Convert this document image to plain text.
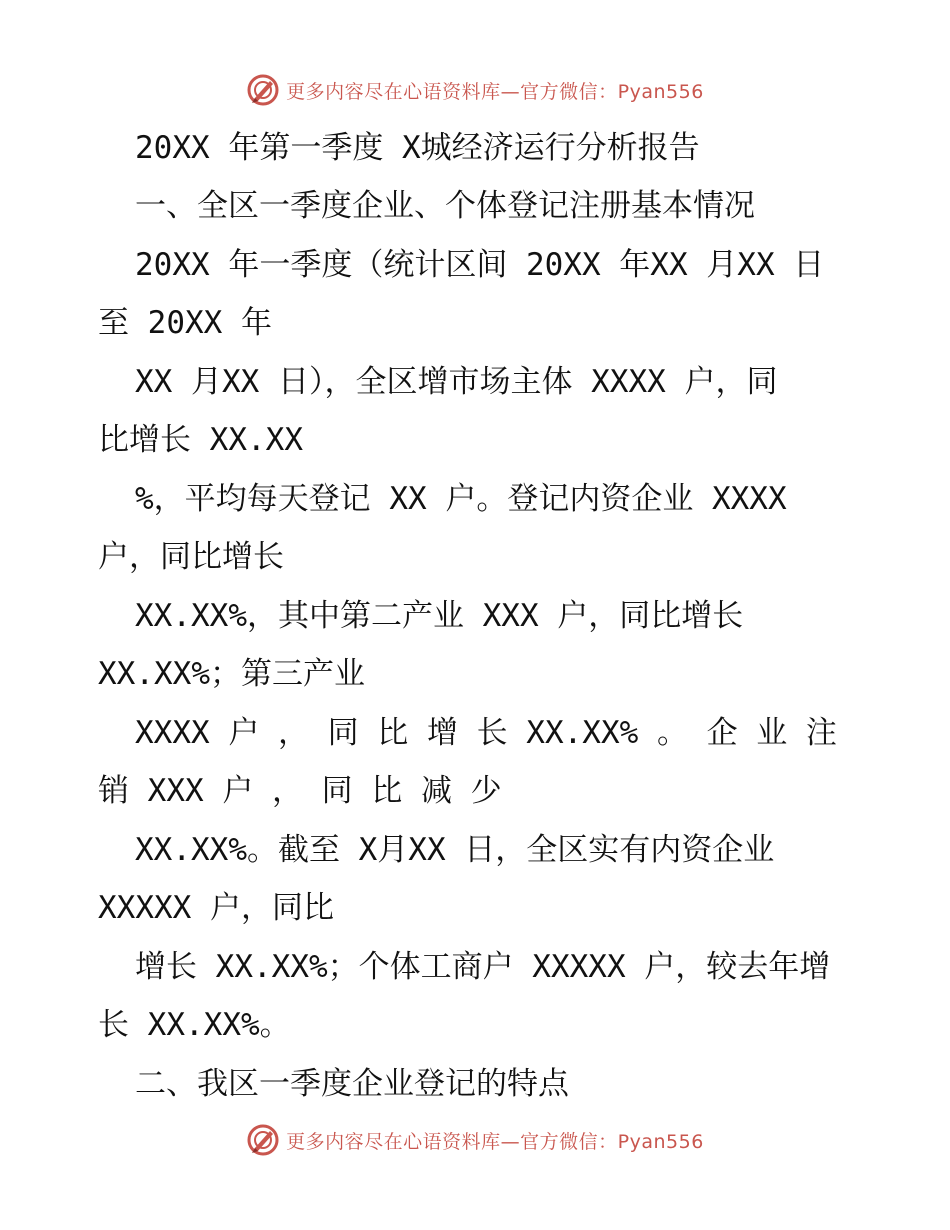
更多内容尽在心语资料库—官方微信：Pyan556
20XX 年第一季度 X城经济运行分析报告
一、全区一季度企业、个体登记注册基本情况
20XX 年一季度（统计区间 20XX 年XX 月XX 日
至 20XX 年
XX 月XX 日），全区增市场主体 XXXX 户，同
比增长 XX.XX
%，平均每天登记 XX 户。登记内资企业 XXXX
户，同比增长
XX.XX%，其中第二产业 XXX 户，同比增长
XX.XX%；第三产业
XXXX 户 ， 同 比 增 长 XX.XX% 。 企 业 注
销 XXX 户 ， 同 比 减 少
XX.XX%。截至 X月XX 日，全区实有内资企业
XXXXX 户，同比
增长 XX.XX%；个体工商户 XXXXX 户，较去年增
长 XX.XX%。
二、我区一季度企业登记的特点
更多内容尽在心语资料库—官方微信：Pyan556
